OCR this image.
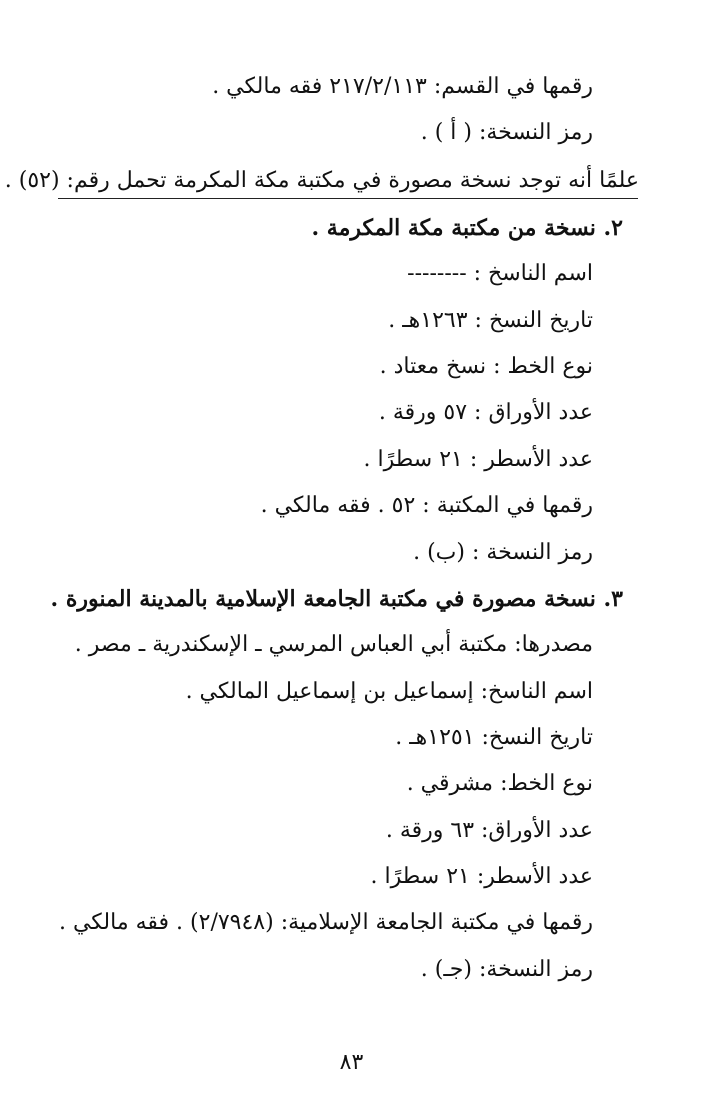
رقمها في القسم: ٢١٧/٢/١١٣ فقه مالكي .
رمز النسخة: ( أ ) .
علمًا أنه توجد نسخة مصورة في مكتبة مكة المكرمة تحمل رقم: (٥٢) .
٢. نسخة من مكتبة مكة المكرمة .
اسم الناسخ : --------
تاريخ النسخ : ١٢٦٣هـ .
نوع الخط : نسخ معتاد .
عدد الأوراق : ٥٧ ورقة .
عدد الأسطر : ٢١ سطرًا .
رقمها في المكتبة : ٥٢ . فقه مالكي .
رمز النسخة : (ب) .
٣. نسخة مصورة في مكتبة الجامعة الإسلامية بالمدينة المنورة .
مصدرها: مكتبة أبي العباس المرسي ـ الإسكندرية ـ مصر .
اسم الناسخ: إسماعيل بن إسماعيل المالكي .
تاريخ النسخ: ١٢٥١هـ .
نوع الخط: مشرقي .
عدد الأوراق: ٦٣ ورقة .
عدد الأسطر: ٢١ سطرًا .
رقمها في مكتبة الجامعة الإسلامية: (٢/٧٩٤٨) . فقه مالكي .
رمز النسخة: (جـ) .
٨٣
